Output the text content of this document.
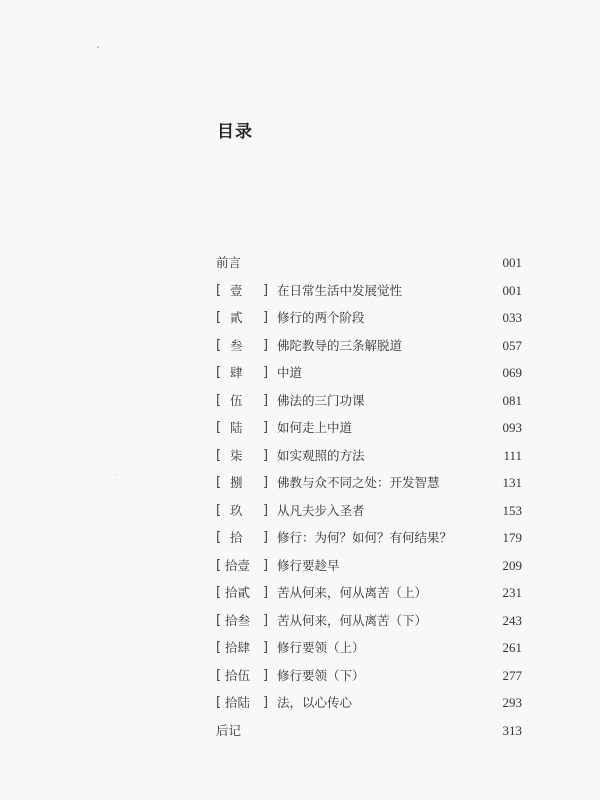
目录
前言	001
[ 壹 ] 在日常生活中发展觉性	001
[ 貳 ] 修行的两个阶段	033
[ 叁 ] 佛陀教导的三条解脱道	057
[ 肆 ] 中道	069
[ 伍 ] 佛法的三门功课	081
[ 陆 ] 如何走上中道	093
[ 柒 ] 如实观照的方法	111
[ 捌 ] 佛教与众不同之处：开发智慧	131
[ 玖 ] 从凡夫步入圣者	153
[ 拾 ] 修行：为何？如何？有何结果？	179
[ 拾壹 ] 修行要趁早	209
[ 拾貳 ] 苦从何来，何从离苦（上）	231
[ 拾叁 ] 苦从何来，何从离苦（下）	243
[ 拾肆 ] 修行要领（上）	261
[ 拾伍 ] 修行要领（下）	277
[ 拾陆 ] 法，以心传心	293
后记	313
